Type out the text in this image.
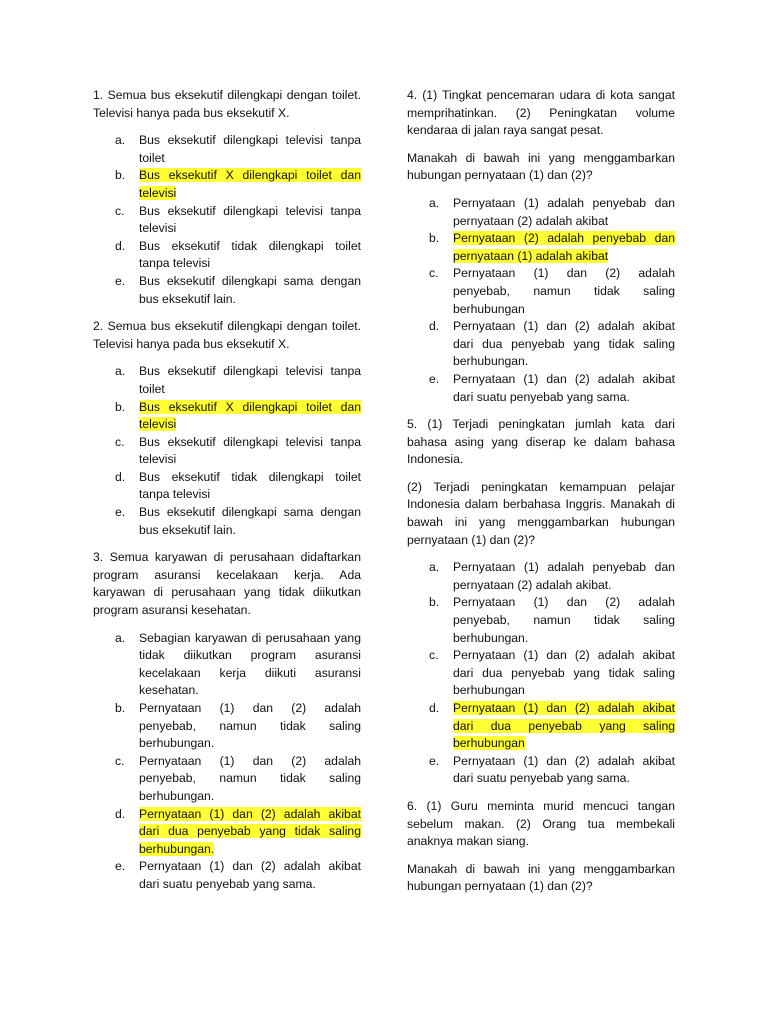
1. Semua bus eksekutif dilengkapi dengan toilet. Televisi hanya pada bus eksekutif X.

a. Bus eksekutif dilengkapi televisi tanpa toilet
b. Bus eksekutif X dilengkapi toilet dan televisi
c. Bus eksekutif dilengkapi televisi tanpa televisi
d. Bus eksekutif tidak dilengkapi toilet tanpa televisi
e. Bus eksekutif dilengkapi sama dengan bus eksekutif lain.

2. Semua bus eksekutif dilengkapi dengan toilet. Televisi hanya pada bus eksekutif X.

a. Bus eksekutif dilengkapi televisi tanpa toilet
b. Bus eksekutif X dilengkapi toilet dan televisi
c. Bus eksekutif dilengkapi televisi tanpa televisi
d. Bus eksekutif tidak dilengkapi toilet tanpa televisi
e. Bus eksekutif dilengkapi sama dengan bus eksekutif lain.

3. Semua karyawan di perusahaan didaftarkan program asuransi kecelakaan kerja. Ada karyawan di perusahaan yang tidak diikutkan program asuransi kesehatan.

a. Sebagian karyawan di perusahaan yang tidak diikutkan program asuransi kecelakaan kerja diikuti asuransi kesehatan.
b. Pernyataan (1) dan (2) adalah penyebab, namun tidak saling berhubungan.
c. Pernyataan (1) dan (2) adalah penyebab, namun tidak saling berhubungan.
d. Pernyataan (1) dan (2) adalah akibat dari dua penyebab yang tidak saling berhubungan.
e. Pernyataan (1) dan (2) adalah akibat dari suatu penyebab yang sama.

4. (1) Tingkat pencemaran udara di kota sangat memprihatinkan. (2) Peningkatan volume kendaraa di jalan raya sangat pesat.

Manakah di bawah ini yang menggambarkan hubungan pernyataan (1) dan (2)?

a. Pernyataan (1) adalah penyebab dan pernyataan (2) adalah akibat
b. Pernyataan (2) adalah penyebab dan pernyataan (1) adalah akibat
c. Pernyataan (1) dan (2) adalah penyebab, namun tidak saling berhubungan
d. Pernyataan (1) dan (2) adalah akibat dari dua penyebab yang tidak saling berhubungan.
e. Pernyataan (1) dan (2) adalah akibat dari suatu penyebab yang sama.

5. (1) Terjadi peningkatan jumlah kata dari bahasa asing yang diserap ke dalam bahasa Indonesia.

(2) Terjadi peningkatan kemampuan pelajar Indonesia dalam berbahasa Inggris. Manakah di bawah ini yang menggambarkan hubungan pernyataan (1) dan (2)?

a. Pernyataan (1) adalah penyebab dan pernyataan (2) adalah akibat.
b. Pernyataan (1) dan (2) adalah penyebab, namun tidak saling berhubungan.
c. Pernyataan (1) dan (2) adalah akibat dari dua penyebab yang tidak saling berhubungan
d. Pernyataan (1) dan (2) adalah akibat dari dua penyebab yang saling berhubungan
e. Pernyataan (1) dan (2) adalah akibat dari suatu penyebab yang sama.

6. (1) Guru meminta murid mencuci tangan sebelum makan. (2) Orang tua membekali anaknya makan siang.

Manakah di bawah ini yang menggambarkan hubungan pernyataan (1) dan (2)?
